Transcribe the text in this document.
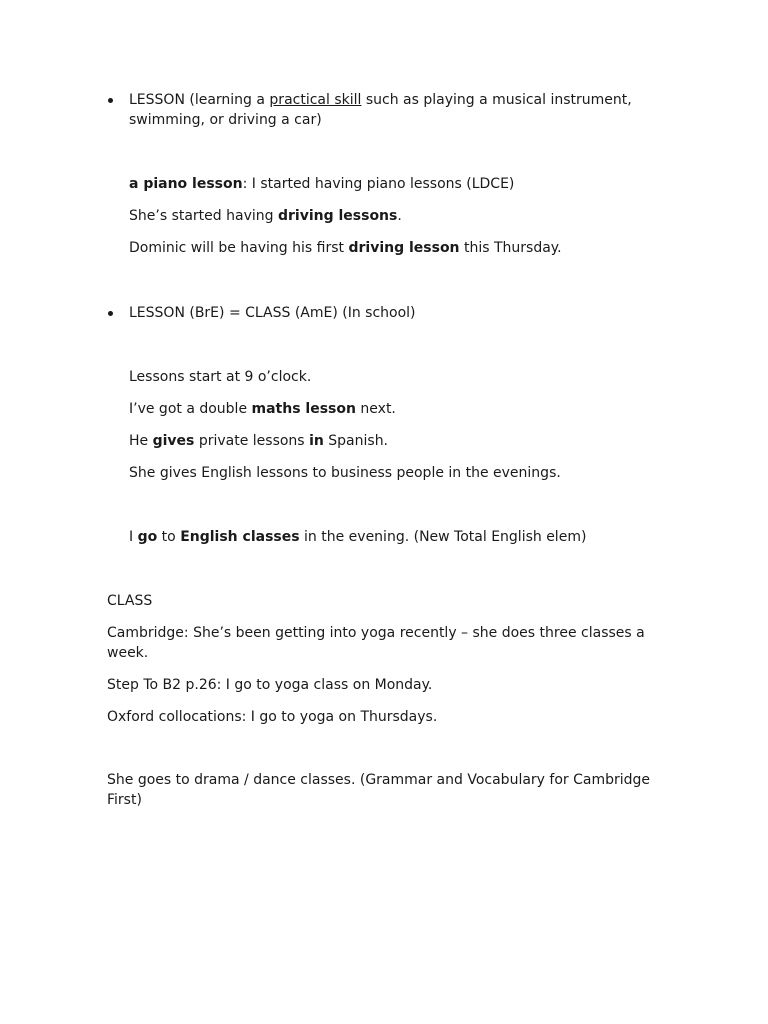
LESSON (learning a practical skill such as playing a musical instrument,
swimming, or driving a car)
a piano lesson: I started having piano lessons (LDCE)
She’s started having driving lessons.
Dominic will be having his first driving lesson this Thursday.
LESSON (BrE) = CLASS (AmE) (In school)
Lessons start at 9 o’clock.
I’ve got a double maths lesson next.
He gives private lessons in Spanish.
She gives English lessons to business people in the evenings.
I go to English classes in the evening. (New Total English elem)
CLASS
Cambridge: She’s been getting into yoga recently – she does three classes a
week.
Step To B2 p.26: I go to yoga class on Monday.
Oxford collocations: I go to yoga on Thursdays.
She goes to drama / dance classes. (Grammar and Vocabulary for Cambridge
First)
